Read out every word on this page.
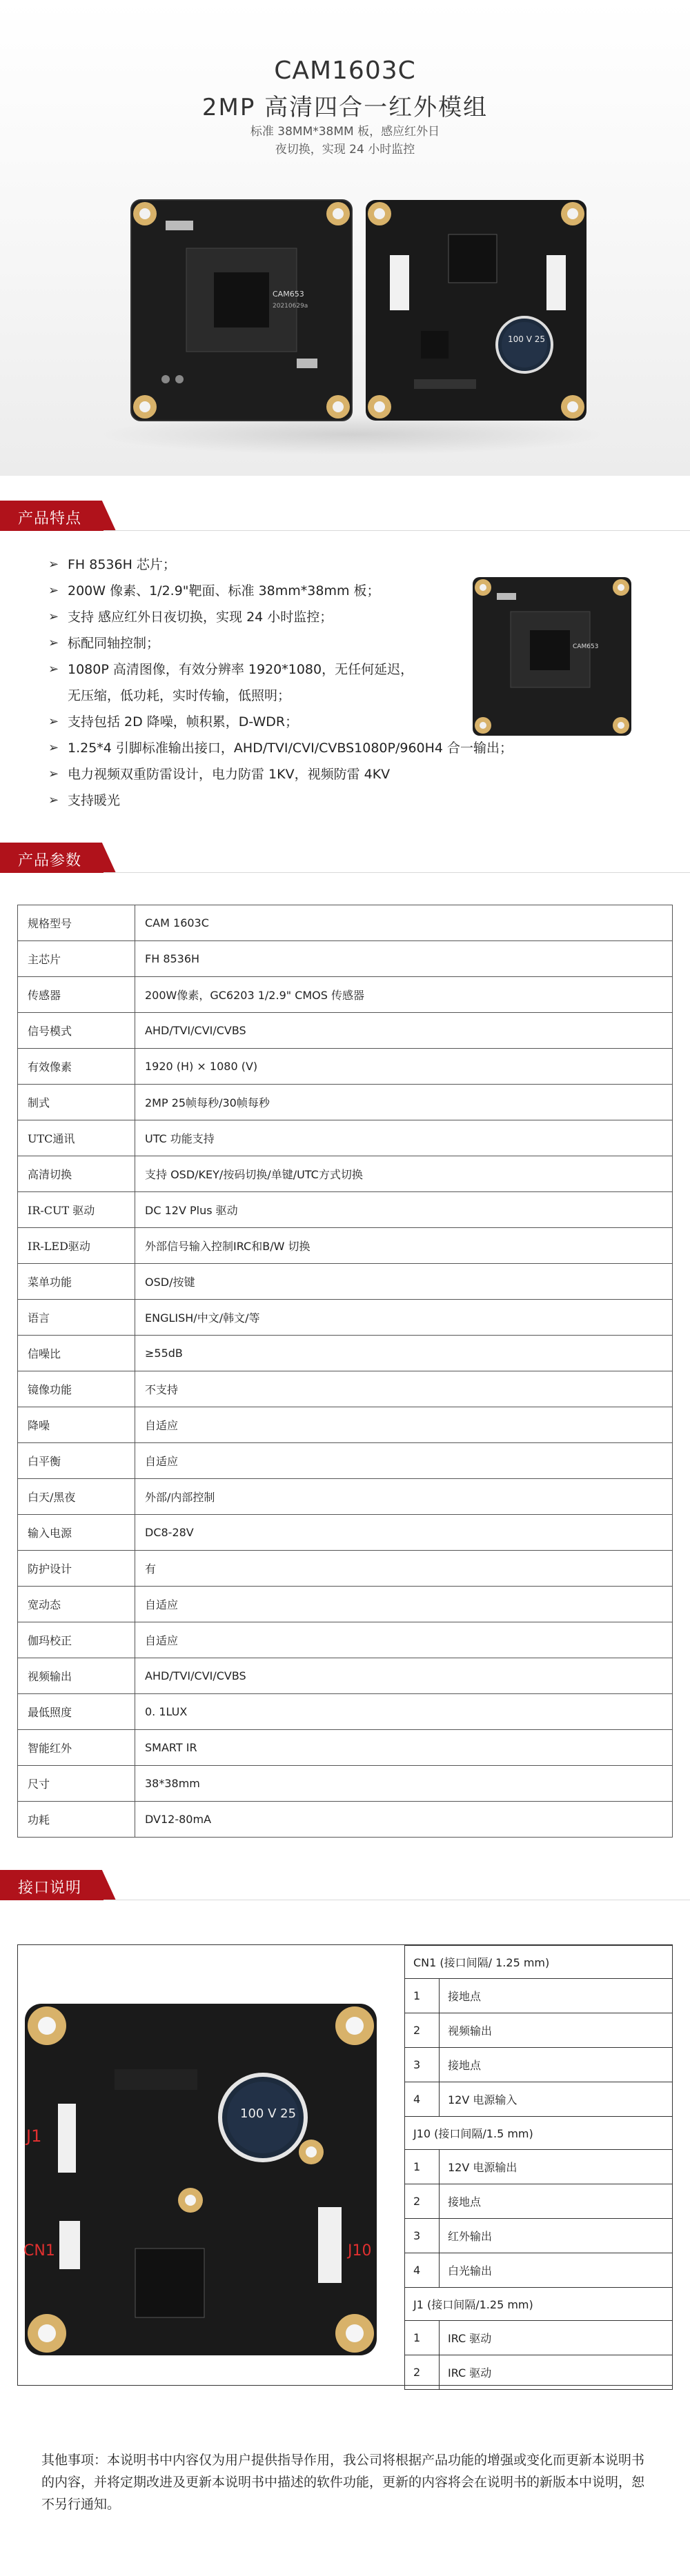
CAM1603C
2MP 高清四合一红外模组
标准 38MM*38MM 板，感应红外日
夜切换，实现 24 小时监控
CAM653
20210629a
100 V 25
产品特点
➢ FH 8536H 芯片；
➢ 200W 像素、1/2.9"靶面、标准 38mm*38mm 板；
➢ 支持 感应红外日夜切换，实现 24 小时监控；
➢ 标配同轴控制；
➢ 1080P 高清图像，有效分辨率 1920*1080，无任何延迟，
无压缩，低功耗，实时传输，低照明；
➢ 支持包括 2D 降噪，帧积累，D-WDR；
➢ 1.25*4 引脚标准输出接口，AHD/TVI/CVI/CVBS1080P/960H4 合一输出；
➢ 电力视频双重防雷设计，电力防雷 1KV，视频防雷 4KV
➢ 支持暖光
CAM653
产品参数
规格型号	CAM 1603C
主芯片	FH 8536H
传感器	200W像素，GC6203 1/2.9" CMOS 传感器
信号模式	AHD/TVI/CVI/CVBS
有效像素	1920 (H) × 1080 (V)
制式	2MP 25帧每秒/30帧每秒
UTC通讯	UTC 功能支持
高清切换	支持 OSD/KEY/按码切换/单键/UTC方式切换
IR-CUT 驱动	DC 12V Plus 驱动
IR-LED驱动	外部信号输入控制IRC和B/W 切换
菜单功能	OSD/按键
语言	ENGLISH/中文/韩文/等
信噪比	≥55dB
镜像功能	不支持
降噪	自适应
白平衡	自适应
白天/黑夜	外部/内部控制
输入电源	DC8-28V
防护设计	有
宽动态	自适应
伽玛校正	自适应
视频输出	AHD/TVI/CVI/CVBS
最低照度	0. 1LUX
智能红外	SMART IR
尺寸	38*38mm
功耗	DV12-80mA
接口说明
100 V 25
J1
CN1	J10
CN1 (接口间隔/ 1.25 mm)	
1	接地点
2	视频输出
3	接地点
4	12V 电源输入
J10 (接口间隔/1.5 mm)	
1	12V 电源输出
2	接地点
3	红外输出
4	白光输出
J1 (接口间隔/1.25 mm)	
1	IRC 驱动
2	IRC 驱动
其他事项：本说明书中内容仅为用户提供指导作用，我公司将根据产品功能的增强或变化而更新本说明书的内容，并将定期改进及更新本说明书中描述的软件功能，更新的内容将会在说明书的新版本中说明，恕不另行通知。
